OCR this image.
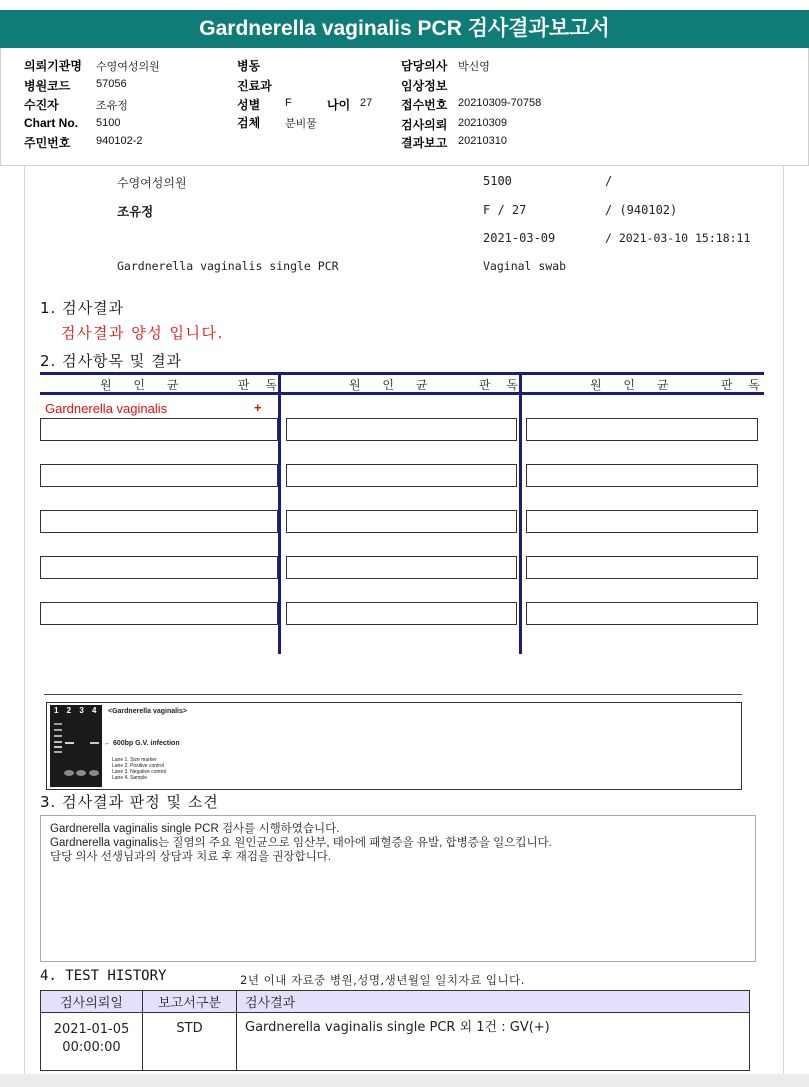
Gardnerella vaginalis PCR 검사결과보고서
의뢰기관명 수영여성의원
병원코드 57056
수진자	조유정
Chart No. 5100
주민번호 940102-2
병동
진료과
성별 F	나이 27
검체 분비물
담당의사 박신영
임상정보
접수번호 20210309-70758
검사의뢰 20210309
결과보고 20210310
수영여성의원	5100	/
조유정	F / 27	/ (940102)
2021-03-09	/ 2021-03-10 15:18:11
Gardnerella vaginalis single PCR	Vaginal swab
1. 검사결과
검사결과 양성 입니다.
2. 검사항목 및 결과
원 인 균	판 독	원 인 균	판 독	원 인 균	판 독
Gardnerella vaginalis	+
1 2 3 4 <Gardnerella vaginalis>
← 600bp G.V. infection
Lane 1. Size marker
Lane 2. Positive control
Lane 3. Negative control
Lane 4. Sample
3. 검사결과 판정 및 소견
Gardnerella vaginalis single PCR 검사를 시행하였습니다.
Gardnerella vaginalis는 질염의 주요 원인균으로 임산부, 태아에 패혈증을 유발, 합병증을 일으킵니다.
담당 의사 선생님과의 상담과 치료 후 재검을 권장합니다.
4. TEST HISTORY	2년 이내 자료중 병원,성명,생년월일 일치자료 입니다.
검사의뢰일	보고서구분	검사결과

2021-01-05
00:00:00	STD	Gardnerella vaginalis single PCR 외 1건 : GV(+)
